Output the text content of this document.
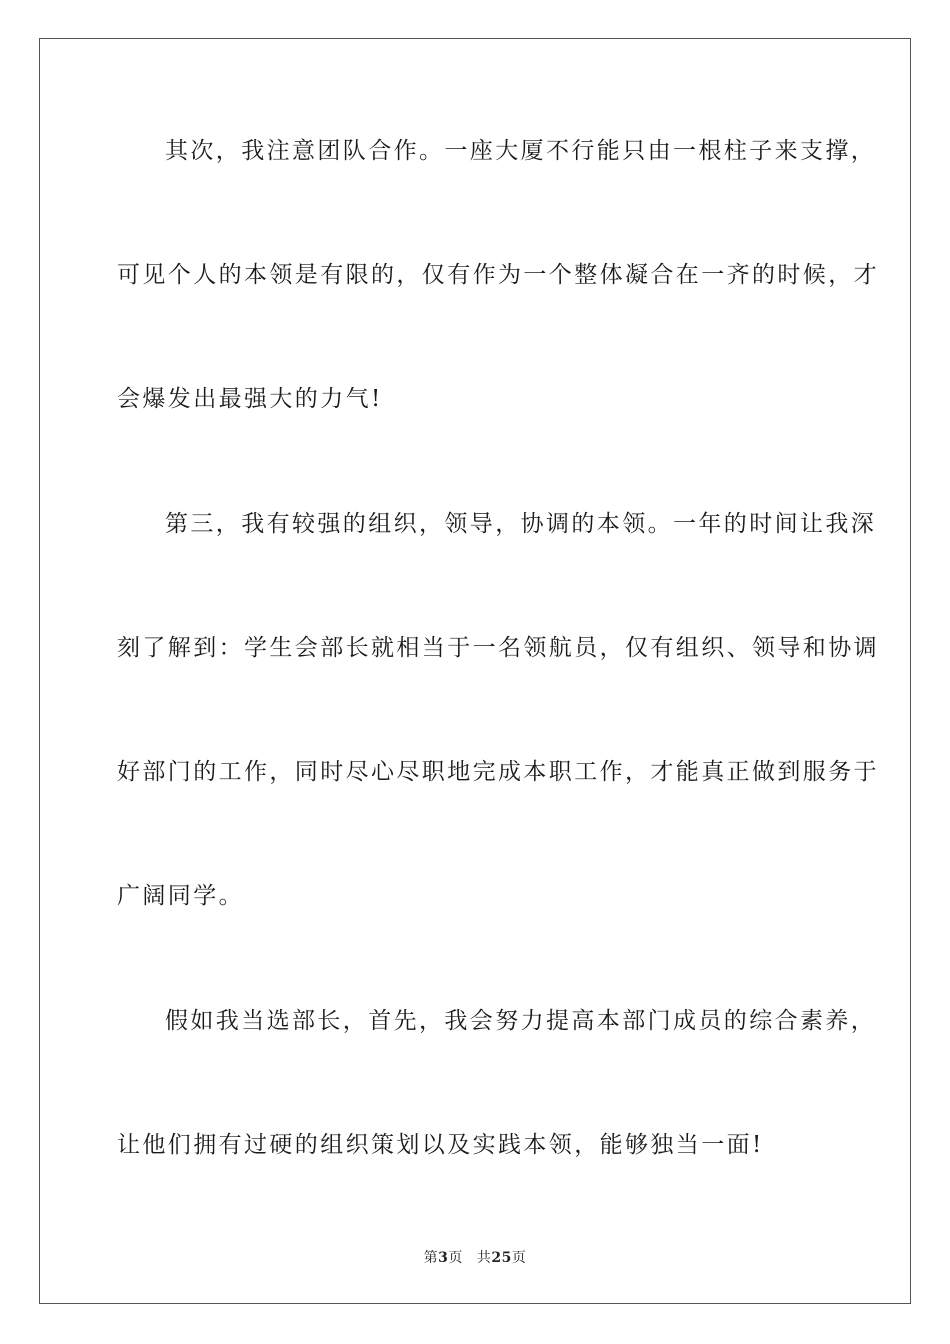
其次，我注意团队合作。一座大厦不行能只由一根柱子来支撑，
可见个人的本领是有限的，仅有作为一个整体凝合在一齐的时候，才
会爆发出最强大的力气!
第三，我有较强的组织，领导，协调的本领。一年的时间让我深
刻了解到：学生会部长就相当于一名领航员，仅有组织、领导和协调
好部门的工作，同时尽心尽职地完成本职工作，才能真正做到服务于
广阔同学。
假如我当选部长，首先，我会努力提高本部门成员的综合素养，
让他们拥有过硬的组织策划以及实践本领，能够独当一面!
第3页 共25页
